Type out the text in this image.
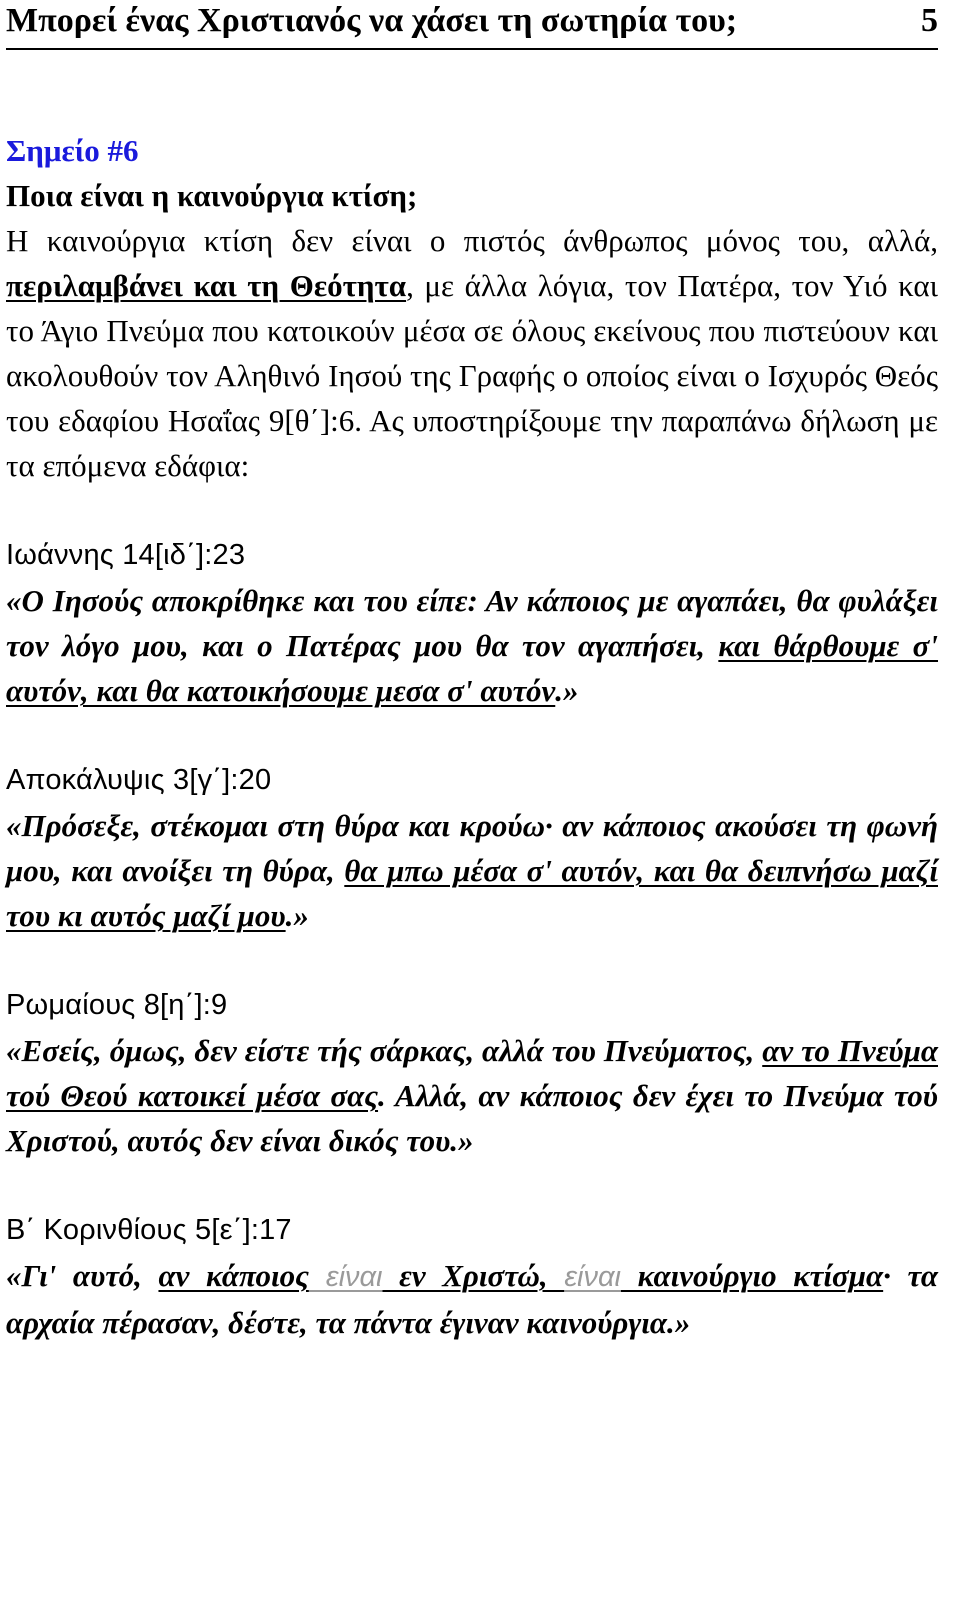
Μπορεί ένας Χριστιανός να χάσει τη σωτηρία του;	5
Σημείο #6
Ποια είναι η καινούργια κτίση;

Η καινούργια κτίση δεν είναι ο πιστός άνθρωπος μόνος του, αλλά, περιλαμβάνει και τη Θεότητα, με άλλα λόγια, τον Πατέρα, τον Υιό και το Άγιο Πνεύμα που κατοικούν μέσα σε όλους εκείνους που πιστεύουν και ακολουθούν τον Αληθινό Ιησού της Γραφής ο οποίος είναι ο Ισχυρός Θεός του εδαφίου Ησαΐας 9[θ΄]:6. Ας υποστηρίξουμε την παραπάνω δήλωση με τα επόμενα εδάφια:

Ιωάννης 14[ιδ΄]:23

«Ο Ιησούς αποκρίθηκε και του είπε: Αν κάποιος με αγαπάει, θα φυλάξει τον λόγο μου, και ο Πατέρας μου θα τον αγαπήσει, και θάρθουμε σ' αυτόν, και θα κατοικήσουμε μεσα σ' αυτόν.»

Αποκάλυψις 3[γ΄]:20

«Πρόσεξε, στέκομαι στη θύρα και κρούω· αν κάποιος ακούσει τη φωνή μου, και ανοίξει τη θύρα, θα μπω μέσα σ' αυτόν, και θα δειπνήσω μαζί του κι αυτός μαζί μου.»

Ρωμαίους 8[η΄]:9

«Εσείς, όμως, δεν είστε τής σάρκας, αλλά του Πνεύματος, αν το Πνεύμα τού Θεού κατοικεί μέσα σας. Αλλά, αν κάποιος δεν έχει το Πνεύμα τού Χριστού, αυτός δεν είναι δικός του.»

Β΄ Κορινθίους 5[ε΄]:17

«Γι' αυτό, αν κάποιος είναι εν Χριστώ, είναι καινούργιο κτίσμα· τα αρχαία πέρασαν, δέστε, τα πάντα έγιναν καινούργια.»
